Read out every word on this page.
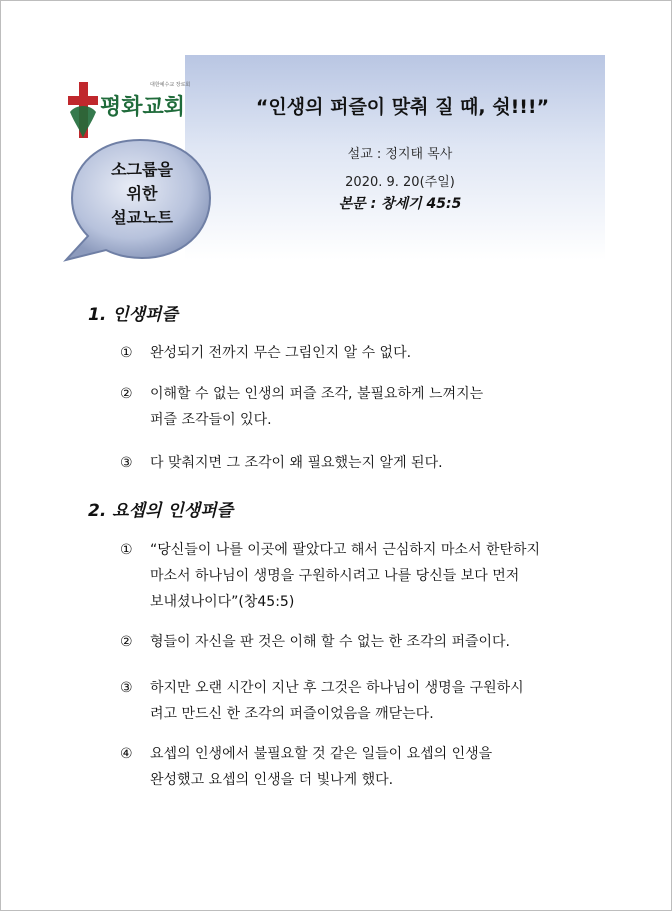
대한예수교 장로회
평화교회
소그룹을
위한
설교노트
“인생의 퍼즐이 맞춰 질 때, 쉿!!!”
설교 : 정지태 목사
2020. 9. 20(주일)
본문 : 창세기 45:5
1. 인생퍼즐
①	완성되기 전까지 무슨 그림인지 알 수 없다.
②	이해할 수 없는 인생의 퍼즐 조각, 불필요하게 느껴지는
퍼즐 조각들이 있다.
③	다 맞춰지면 그 조각이 왜 필요했는지 알게 된다.
2. 요셉의 인생퍼즐
①	“당신들이 나를 이곳에 팔았다고 해서 근심하지 마소서 한탄하지
마소서 하나님이 생명을 구원하시려고 나를 당신들 보다 먼저
보내셨나이다”(창45:5)
②	형들이 자신을 판 것은 이해 할 수 없는 한 조각의 퍼즐이다.
③	하지만 오랜 시간이 지난 후 그것은 하나님이 생명을 구원하시
려고 만드신 한 조각의 퍼즐이었음을 깨닫는다.
④	요셉의 인생에서 불필요할 것 같은 일들이 요셉의 인생을
완성했고 요셉의 인생을 더 빛나게 했다.
